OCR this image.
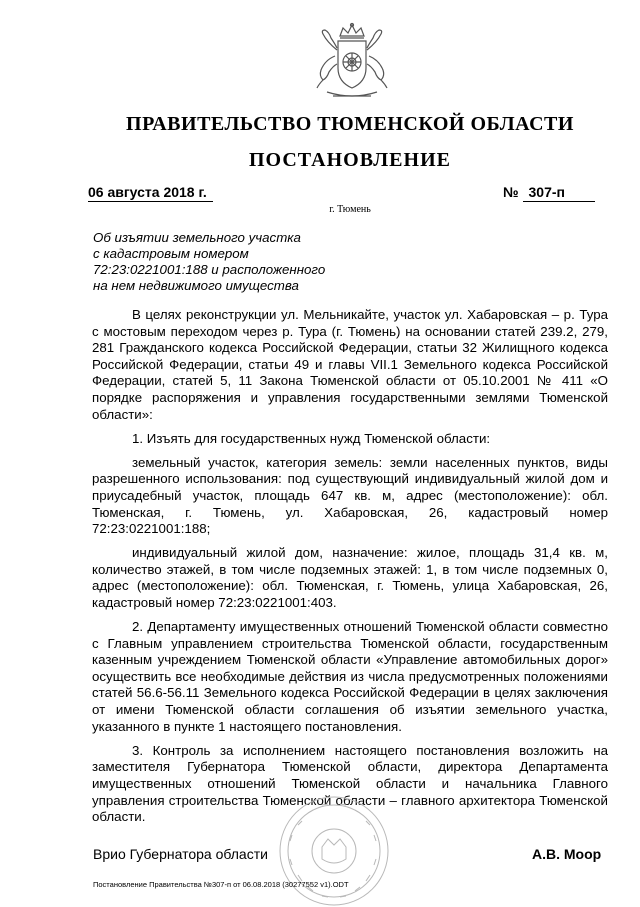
ПРАВИТЕЛЬСТВО ТЮМЕНСКОЙ ОБЛАСТИ
ПОСТАНОВЛЕНИЕ
06 августа 2018 г.	№ 307-п
г. Тюмень
Об изъятии земельного участка
с кадастровым номером
72:23:0221001:188 и расположенного
на нем недвижимого имущества

В целях реконструкции ул. Мельникайте, участок ул. Хабаровская – р. Тура с мостовым переходом через р. Тура (г. Тюмень) на основании статей 239.2, 279, 281 Гражданского кодекса Российской Федерации, статьи 32 Жилищного кодекса Российской Федерации, статьи 49 и главы VII.1 Земельного кодекса Российской Федерации, статей 5, 11 Закона Тюменской области от 05.10.2001 № 411 «О порядке распоряжения и управления государственными землями Тюменской области»:

1. Изъять для государственных нужд Тюменской области:

земельный участок, категория земель: земли населенных пунктов, виды разрешенного использования: под существующий индивидуальный жилой дом и приусадебный участок, площадь 647 кв. м, адрес (местоположение): обл. Тюменская, г. Тюмень, ул. Хабаровская, 26, кадастровый номер 72:23:0221001:188;

индивидуальный жилой дом, назначение: жилое, площадь 31,4 кв. м, количество этажей, в том числе подземных этажей: 1, в том числе подземных 0, адрес (местоположение): обл. Тюменская, г. Тюмень, улица Хабаровская, 26, кадастровый номер 72:23:0221001:403.

2. Департаменту имущественных отношений Тюменской области совместно с Главным управлением строительства Тюменской области, государственным казенным учреждением Тюменской области «Управление автомобильных дорог» осуществить все необходимые действия из числа предусмотренных положениями статей 56.6-56.11 Земельного кодекса Российской Федерации в целях заключения от имени Тюменской области соглашения об изъятии земельного участка, указанного в пункте 1 настоящего постановления.

3. Контроль за исполнением настоящего постановления возложить на заместителя Губернатора Тюменской области, директора Департамента имущественных отношений Тюменской области и начальника Главного управления строительства Тюменской области – главного архитектора Тюменской области.

Врио Губернатора области	А.В. Моор
Постановление Правительства №307-п от 06.08.2018 (30277552 v1).ODT
